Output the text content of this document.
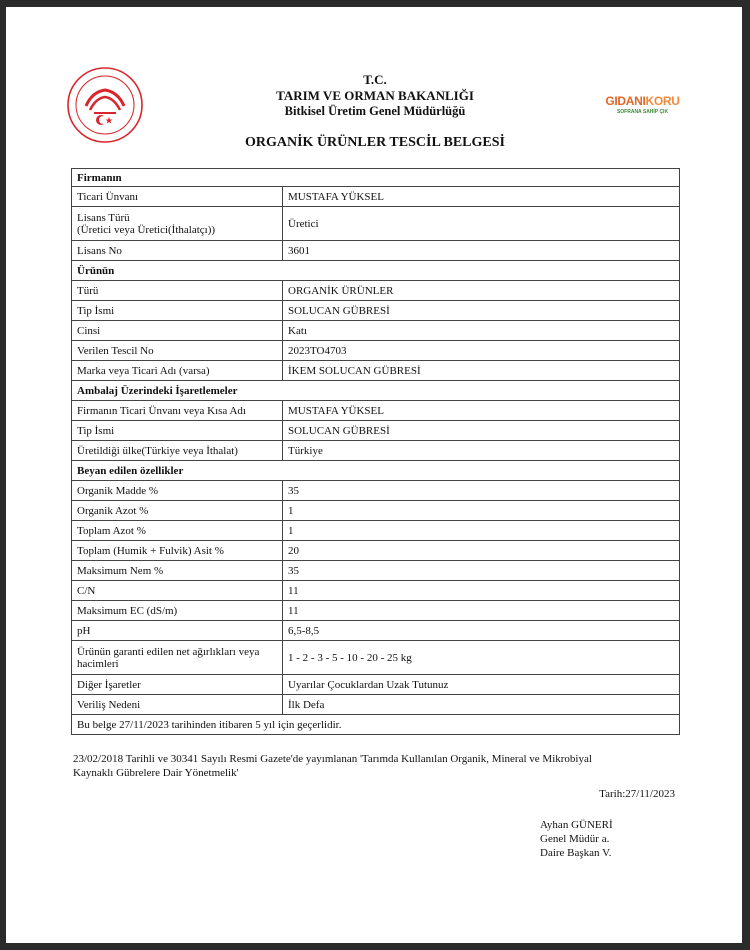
GIDANIKORU
SOFRANA SAHİP ÇIK
T.C.
TARIM VE ORMAN BAKANLIĞI
Bitkisel Üretim Genel Müdürlüğü
ORGANİK ÜRÜNLER TESCİL BELGESİ
Firmanın	
Ticari Ünvanı	MUSTAFA YÜKSEL
Lisans Türü
(Üretici veya Üretici(İthalatçı))	Üretici
Lisans No	3601
Ürünün	
Türü	ORGANİK ÜRÜNLER
Tip İsmi	SOLUCAN GÜBRESİ
Cinsi	Katı
Verilen Tescil No	2023TO4703
Marka veya Ticari Adı (varsa)	İKEM SOLUCAN GÜBRESİ
Ambalaj Üzerindeki İşaretlemeler	
Firmanın Ticari Ünvanı veya Kısa Adı	MUSTAFA YÜKSEL
Tip İsmi	SOLUCAN GÜBRESİ
Üretildiği ülke(Türkiye veya İthalat)	Türkiye
Beyan edilen özellikler	
Organik Madde %	35
Organik Azot %	1
Toplam Azot %	1
Toplam (Humik + Fulvik) Asit %	20
Maksimum Nem %	35
C/N	11
Maksimum EC (dS/m)	11
pH	6,5-8,5
Ürünün garanti edilen net ağırlıkları veya
hacimleri	1 - 2 - 3 - 5 - 10 - 20 - 25 kg
Diğer İşaretler	Uyarılar Çocuklardan Uzak Tutunuz
Veriliş Nedeni	İlk Defa
Bu belge 27/11/2023 tarihinden itibaren 5 yıl için geçerlidir.	
23/02/2018 Tarihli ve 30341 Sayılı Resmi Gazete'de yayımlanan 'Tarımda Kullanılan Organik, Mineral ve Mikrobiyal
Kaynaklı Gübrelere Dair Yönetmelik'
Tarih:27/11/2023
Ayhan GÜNERİ
Genel Müdür a.
Daire Başkan V.
